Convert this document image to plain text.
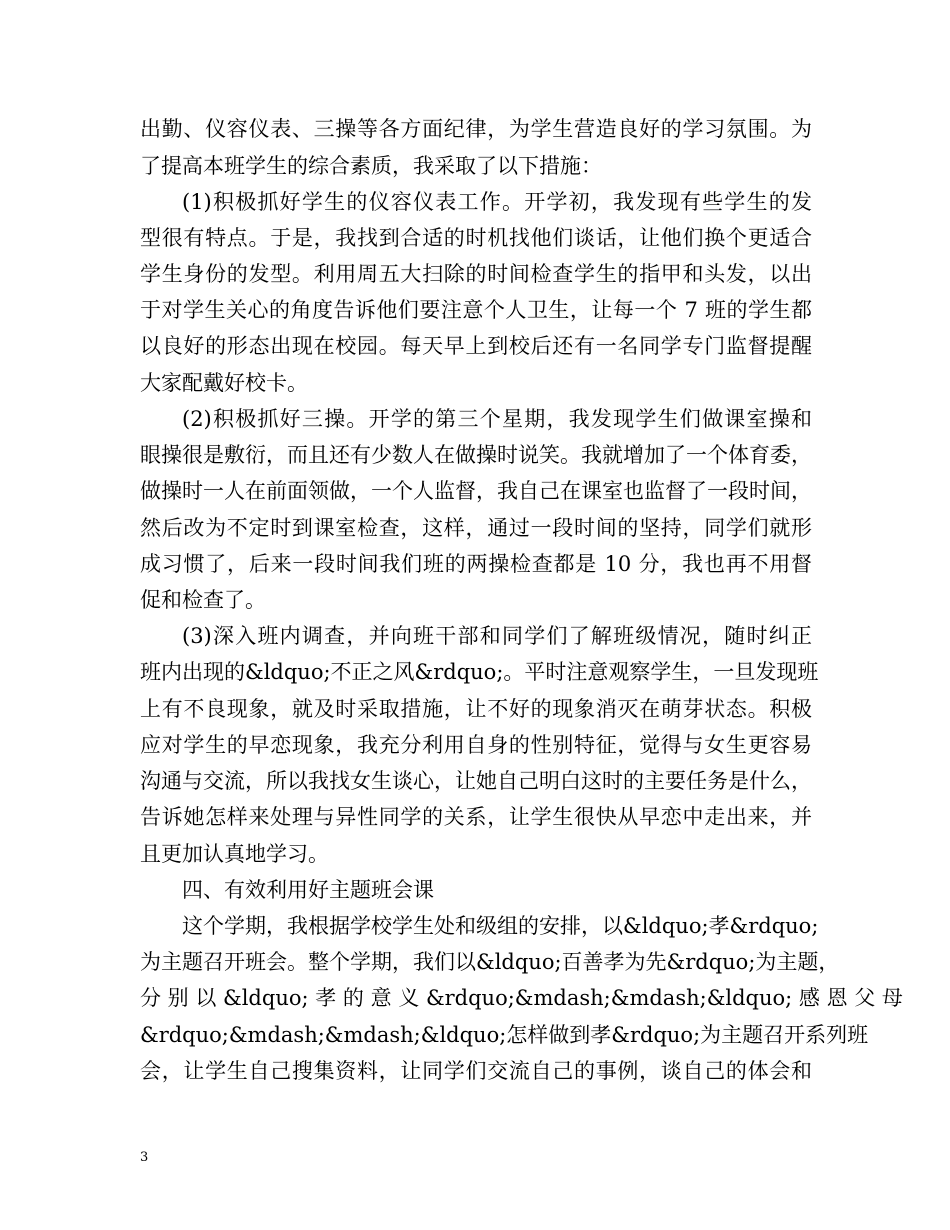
出勤、仪容仪表、三操等各方面纪律，为学生营造良好的学习氛围。为
了提高本班学生的综合素质，我采取了以下措施：
(1)积极抓好学生的仪容仪表工作。开学初，我发现有些学生的发
型很有特点。于是，我找到合适的时机找他们谈话，让他们换个更适合
学生身份的发型。利用周五大扫除的时间检查学生的指甲和头发，以出
于对学生关心的角度告诉他们要注意个人卫生，让每一个 7 班的学生都
以良好的形态出现在校园。每天早上到校后还有一名同学专门监督提醒
大家配戴好校卡。
(2)积极抓好三操。开学的第三个星期，我发现学生们做课室操和
眼操很是敷衍，而且还有少数人在做操时说笑。我就增加了一个体育委，
做操时一人在前面领做，一个人监督，我自己在课室也监督了一段时间，
然后改为不定时到课室检查，这样，通过一段时间的坚持，同学们就形
成习惯了，后来一段时间我们班的两操检查都是 10 分，我也再不用督
促和检查了。
(3)深入班内调查，并向班干部和同学们了解班级情况，随时纠正
班内出现的&ldquo;不正之风&rdquo;。平时注意观察学生，一旦发现班
上有不良现象，就及时采取措施，让不好的现象消灭在萌芽状态。积极
应对学生的早恋现象，我充分利用自身的性别特征，觉得与女生更容易
沟通与交流，所以我找女生谈心，让她自己明白这时的主要任务是什么，
告诉她怎样来处理与异性同学的关系，让学生很快从早恋中走出来，并
且更加认真地学习。
四、有效利用好主题班会课
这个学期，我根据学校学生处和级组的安排，以&ldquo;孝&rdquo;
为主题召开班会。整个学期，我们以&ldquo;百善孝为先&rdquo;为主题，
分 别 以 &ldquo; 孝 的 意 义 &rdquo;&mdash;&mdash;&ldquo; 感 恩 父 母
&rdquo;&mdash;&mdash;&ldquo;怎样做到孝&rdquo;为主题召开系列班
会，让学生自己搜集资料，让同学们交流自己的事例，谈自己的体会和
3
